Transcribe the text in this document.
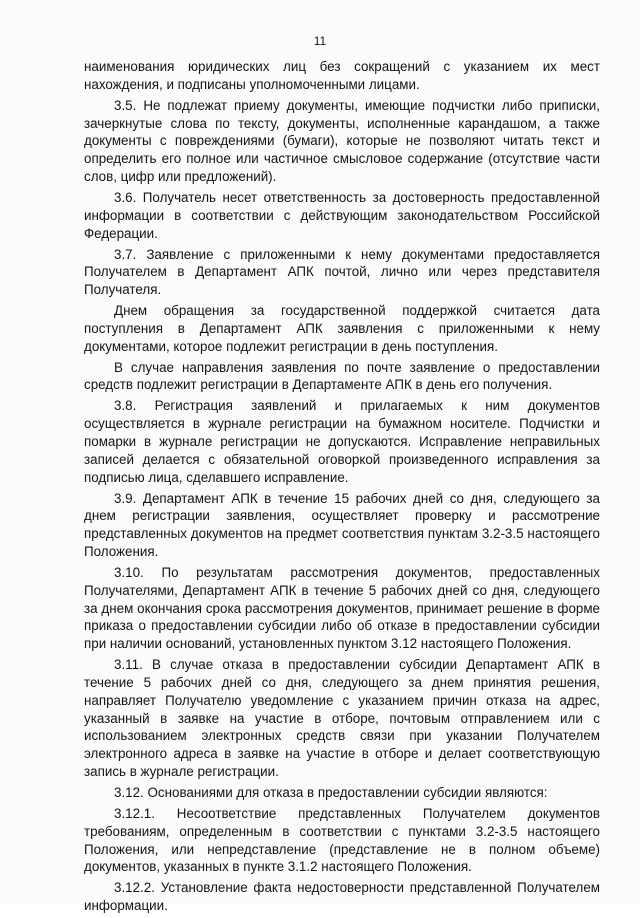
11

наименования юридических лиц без сокращений с указанием их мест нахождения, и подписаны уполномоченными лицами.

3.5. Не подлежат приему документы, имеющие подчистки либо приписки, зачеркнутые слова по тексту, документы, исполненные карандашом, а также документы с повреждениями (бумаги), которые не позволяют читать текст и определить его полное или частичное смысловое содержание (отсутствие части слов, цифр или предложений).

3.6. Получатель несет ответственность за достоверность предоставленной информации в соответствии с действующим законодательством Российской Федерации.

3.7. Заявление с приложенными к нему документами предоставляется Получателем в Департамент АПК почтой, лично или через представителя Получателя.

Днем обращения за государственной поддержкой считается дата поступления в Департамент АПК заявления с приложенными к нему документами, которое подлежит регистрации в день поступления.

В случае направления заявления по почте заявление о предоставлении средств подлежит регистрации в Департаменте АПК в день его получения.

3.8. Регистрация заявлений и прилагаемых к ним документов осуществляется в журнале регистрации на бумажном носителе. Подчистки и помарки в журнале регистрации не допускаются. Исправление неправильных записей делается с обязательной оговоркой произведенного исправления за подписью лица, сделавшего исправление.

3.9. Департамент АПК в течение 15 рабочих дней со дня, следующего за днем регистрации заявления, осуществляет проверку и рассмотрение представленных документов на предмет соответствия пунктам 3.2-3.5 настоящего Положения.

3.10. По результатам рассмотрения документов, предоставленных Получателями, Департамент АПК в течение 5 рабочих дней со дня, следующего за днем окончания срока рассмотрения документов, принимает решение в форме приказа о предоставлении субсидии либо об отказе в предоставлении субсидии при наличии оснований, установленных пунктом 3.12 настоящего Положения.

3.11. В случае отказа в предоставлении субсидии Департамент АПК в течение 5 рабочих дней со дня, следующего за днем принятия решения, направляет Получателю уведомление с указанием причин отказа на адрес, указанный в заявке на участие в отборе, почтовым отправлением или с использованием электронных средств связи при указании Получателем электронного адреса в заявке на участие в отборе и делает соответствующую запись в журнале регистрации.

3.12. Основаниями для отказа в предоставлении субсидии являются:

3.12.1. Несоответствие представленных Получателем документов требованиям, определенным в соответствии с пунктами 3.2-3.5 настоящего Положения, или непредставление (представление не в полном объеме) документов, указанных в пункте 3.1.2 настоящего Положения.

3.12.2. Установление факта недостоверности представленной Получателем информации.
